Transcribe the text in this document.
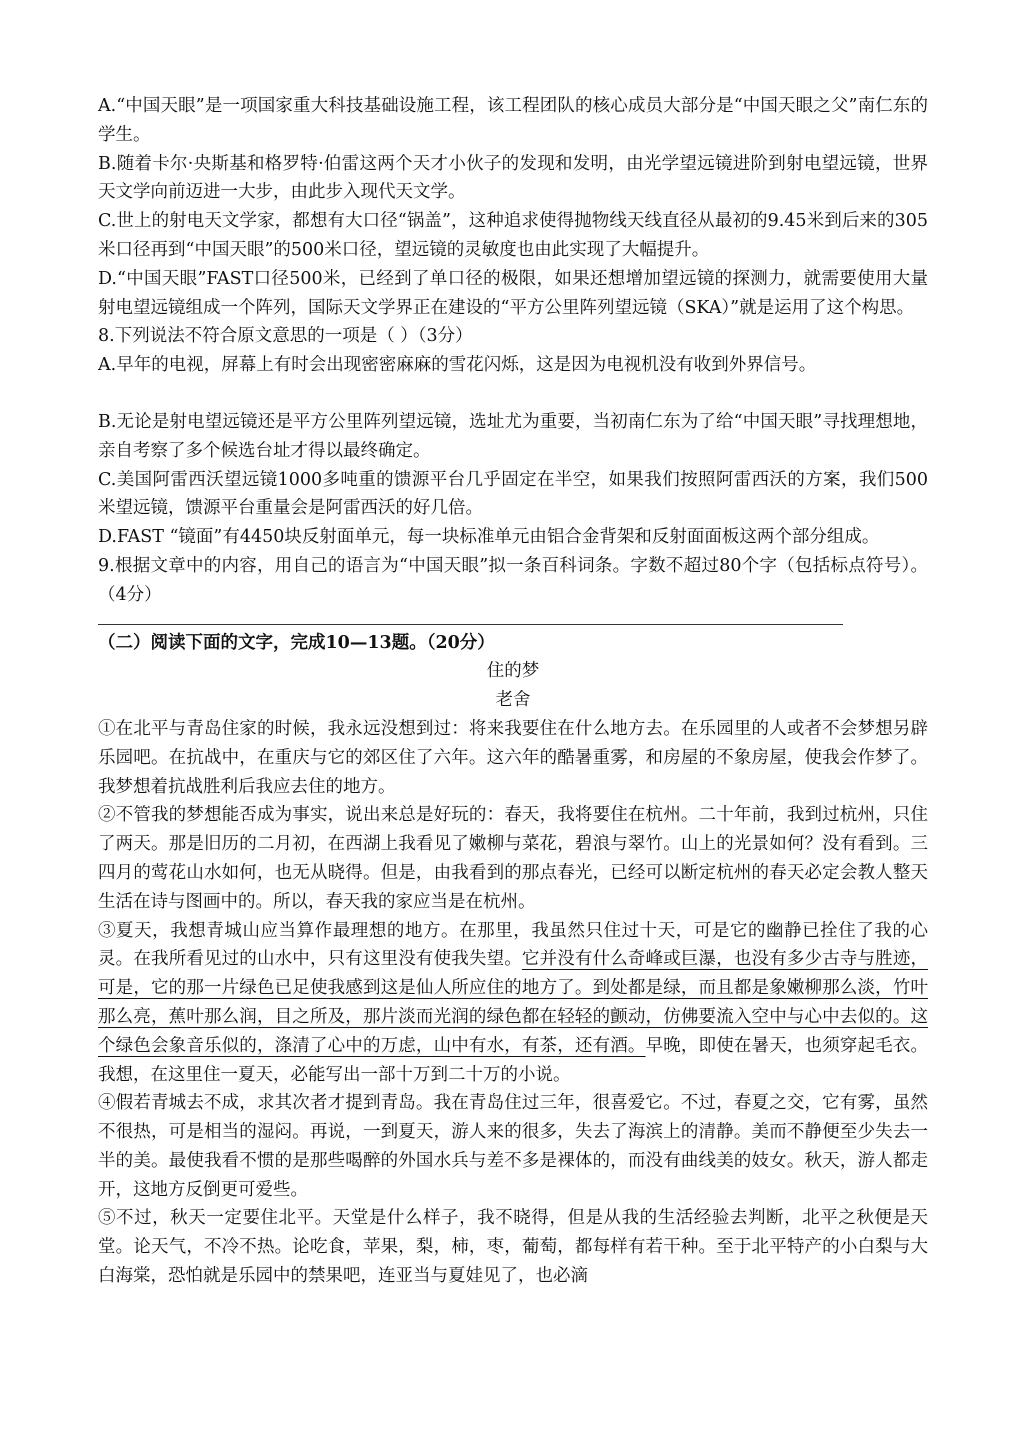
A.“中国天眼”是一项国家重大科技基础设施工程，该工程团队的核心成员大部分是“中国天眼之父”南仁东的学生。

B.随着卡尔·央斯基和格罗特·伯雷这两个天才小伙子的发现和发明，由光学望远镜进阶到射电望远镜，世界天文学向前迈进一大步，由此步入现代天文学。

C.世上的射电天文学家，都想有大口径“锅盖”，这种追求使得抛物线天线直径从最初的9.45米到后来的305米口径再到“中国天眼”的500米口径，望远镜的灵敏度也由此实现了大幅提升。

D.“中国天眼”FAST口径500米，已经到了单口径的极限，如果还想增加望远镜的探测力，就需要使用大量射电望远镜组成一个阵列，国际天文学界正在建设的“平方公里阵列望远镜（SKA）”就是运用了这个构思。

8.下列说法不符合原文意思的一项是（ ）（3分）

A.早年的电视，屏幕上有时会出现密密麻麻的雪花闪烁，这是因为电视机没有收到外界信号。

B.无论是射电望远镜还是平方公里阵列望远镜，选址尤为重要，当初南仁东为了给“中国天眼”寻找理想地，亲自考察了多个候选台址才得以最终确定。

C.美国阿雷西沃望远镜1000多吨重的馈源平台几乎固定在半空，如果我们按照阿雷西沃的方案，我们500米望远镜，馈源平台重量会是阿雷西沃的好几倍。

D.FAST “镜面”有4450块反射面单元，每一块标准单元由铝合金背架和反射面面板这两个部分组成。

9.根据文章中的内容，用自己的语言为“中国天眼”拟一条百科词条。字数不超过80个字（包括标点符号）。（4分）

（二）阅读下面的文字，完成10—13题。（20分）

住的梦

老舍

①在北平与青岛住家的时候，我永远没想到过：将来我要住在什么地方去。在乐园里的人或者不会梦想另辟乐园吧。在抗战中，在重庆与它的郊区住了六年。这六年的酷暑重雾，和房屋的不象房屋，使我会作梦了。我梦想着抗战胜利后我应去住的地方。

②不管我的梦想能否成为事实，说出来总是好玩的：春天，我将要住在杭州。二十年前，我到过杭州，只住了两天。那是旧历的二月初，在西湖上我看见了嫩柳与菜花，碧浪与翠竹。山上的光景如何？没有看到。三四月的莺花山水如何，也无从晓得。但是，由我看到的那点春光，已经可以断定杭州的春天必定会教人整天生活在诗与图画中的。所以，春天我的家应当是在杭州。

③夏天，我想青城山应当算作最理想的地方。在那里，我虽然只住过十天，可是它的幽静已拴住了我的心灵。在我所看见过的山水中，只有这里没有使我失望。它并没有什么奇峰或巨瀑，也没有多少古寺与胜迹，可是，它的那一片绿色已足使我感到这是仙人所应住的地方了。到处都是绿，而且都是象嫩柳那么淡，竹叶那么亮，蕉叶那么润，目之所及，那片淡而光润的绿色都在轻轻的颤动，仿佛要流入空中与心中去似的。这个绿色会象音乐似的，涤清了心中的万虑，山中有水，有茶，还有酒。早晚，即使在暑天，也须穿起毛衣。我想，在这里住一夏天，必能写出一部十万到二十万的小说。

④假若青城去不成，求其次者才提到青岛。我在青岛住过三年，很喜爱它。不过，春夏之交，它有雾，虽然不很热，可是相当的湿闷。再说，一到夏天，游人来的很多，失去了海滨上的清静。美而不静便至少失去一半的美。最使我看不惯的是那些喝醉的外国水兵与差不多是裸体的，而没有曲线美的妓女。秋天，游人都走开，这地方反倒更可爱些。

⑤不过，秋天一定要住北平。天堂是什么样子，我不晓得，但是从我的生活经验去判断，北平之秋便是天堂。论天气，不冷不热。论吃食，苹果，梨，柿，枣，葡萄，都每样有若干种。至于北平特产的小白梨与大白海棠，恐怕就是乐园中的禁果吧，连亚当与夏娃见了，也必滴
